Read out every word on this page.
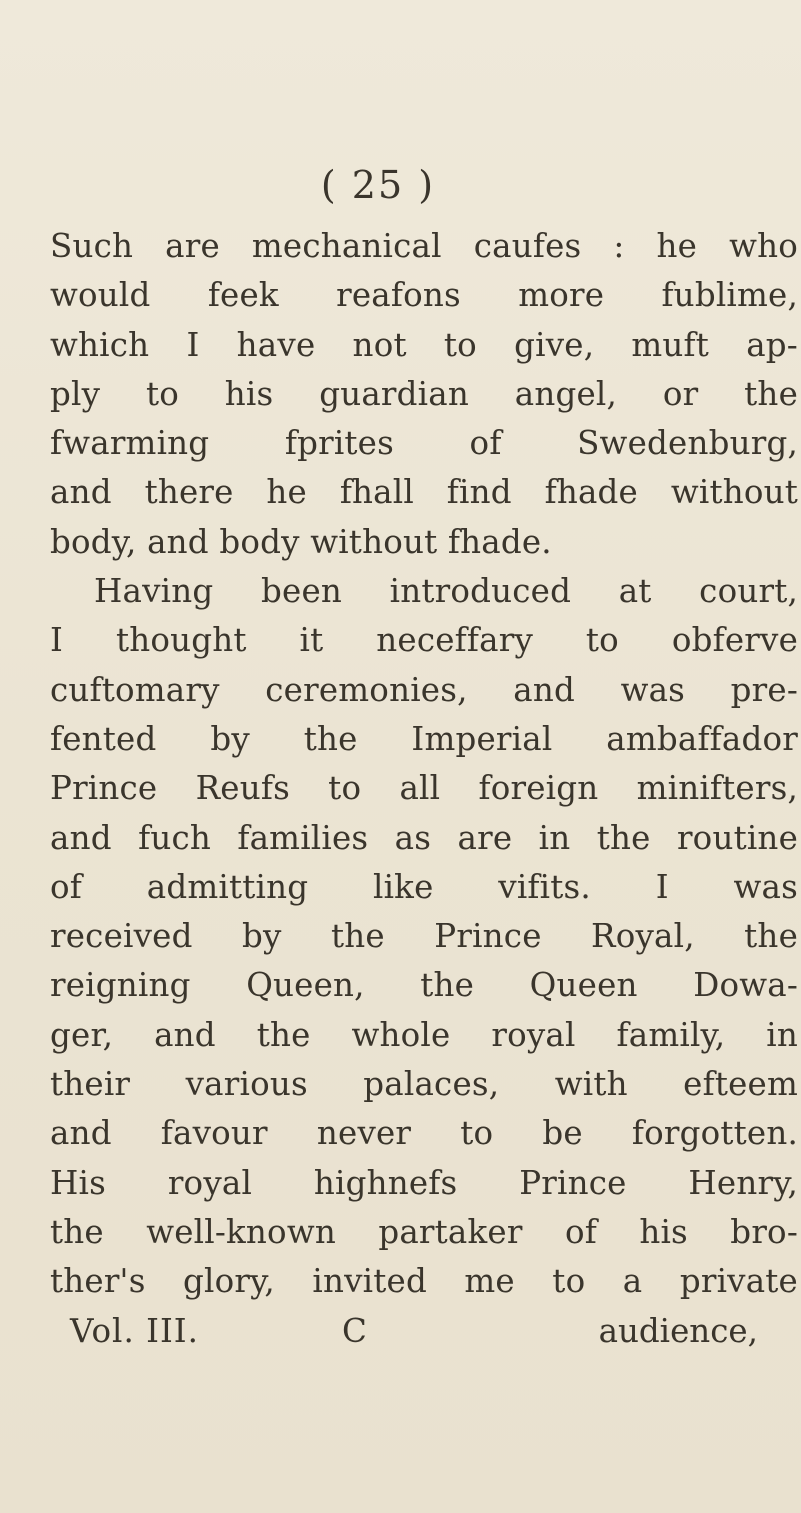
( 25 )
Such are mechanical caufes : he who
would feek reafons more fublime,
which I have not to give, muft ap-
ply to his guardian angel, or the
fwarming fprites of Swedenburg,
and there he fhall find fhade without
body, and body without fhade.
Having been introduced at court,
I thought it neceffary to obferve
cuftomary ceremonies, and was pre-
fented by the Imperial ambaffador
Prince Reufs to all foreign minifters,
and fuch families as are in the routine
of admitting like vifits. I was
received by the Prince Royal, the
reigning Queen, the Queen Dowa-
ger, and the whole royal family, in
their various palaces, with efteem
and favour never to be forgotten.
His royal highnefs Prince Henry,
the well-known partaker of his bro-
ther's glory, invited me to a private
Vol. III.	C	audience,
